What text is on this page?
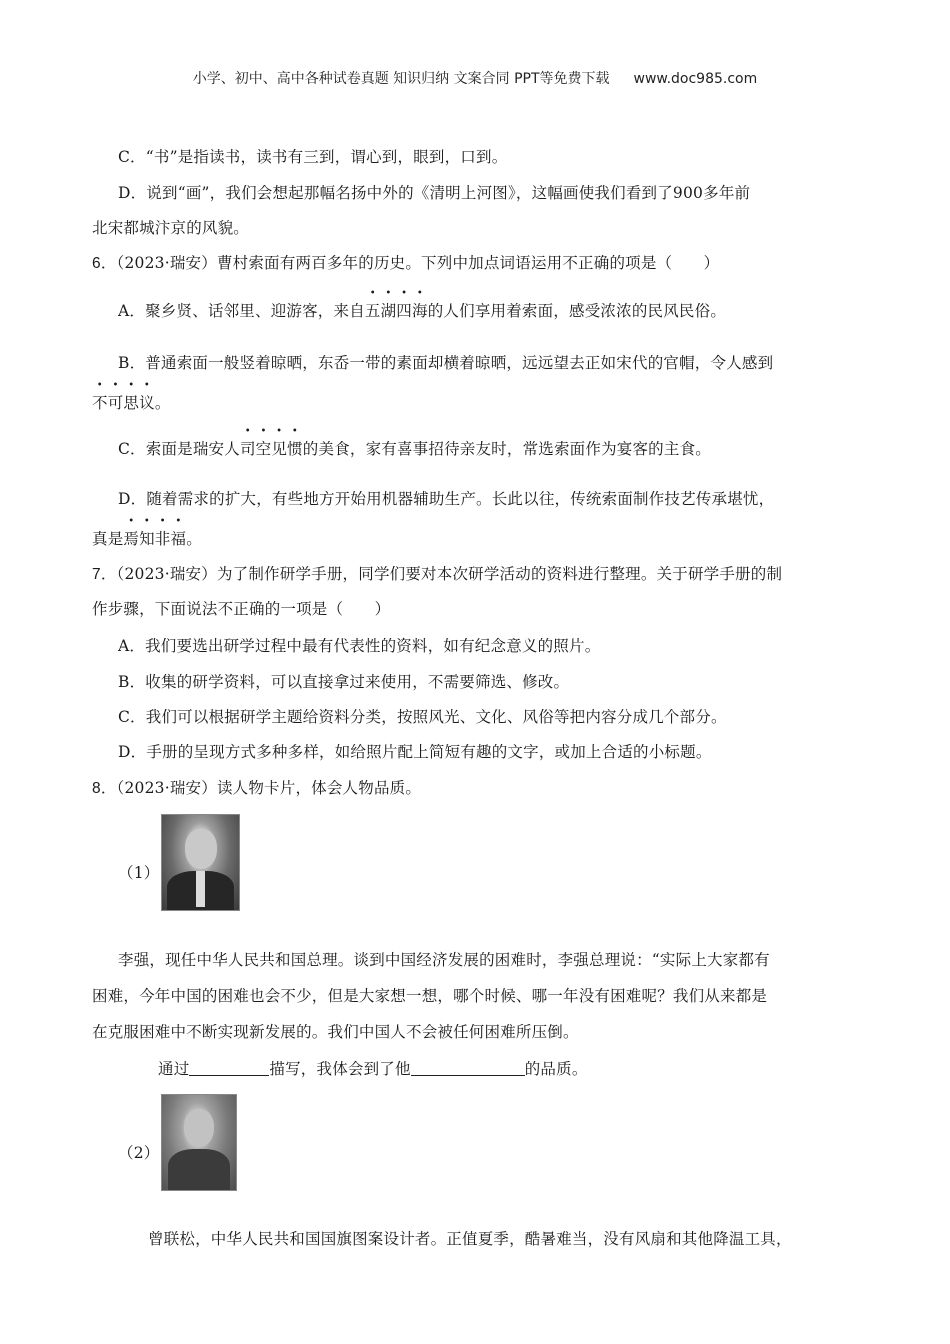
小学、初中、高中各种试卷真题 知识归纳 文案合同 PPT等免费下载 www.doc985.com
C．“书”是指读书，读书有三到，谓心到，眼到，口到。
D．说到“画”，我们会想起那幅名扬中外的《清明上河图》，这幅画使我们看到了900多年前
北宋都城汴京的风貌。
6．（2023·瑞安）曹村索面有两百多年的历史。下列中加点词语运用不正确的项是（　　）
A．聚乡贤、话邻里、迎游客，来自
• • • •
五湖四海的人们享用着索面，感受浓浓的民风民俗。
B．普通索面一般竖着晾晒，东岙一带的素面却横着晾晒，远远望去正如宋代的官帽，令人感到
• • • •
不可思议。
C．索面是瑞安人
• • • •
司空见惯的美食，家有喜事招待亲友时，常选索面作为宴客的主食。
D．随着需求的扩大，有些地方开始用机器辅助生产。长此以往，传统索面制作技艺传承堪忧，
真是
• • • •
焉知非福。
7．（2023·瑞安）为了制作研学手册，同学们要对本次研学活动的资料进行整理。关于研学手册的制
作步骤，下面说法不正确的一项是（　　）
A．我们要选出研学过程中最有代表性的资料，如有纪念意义的照片。
B．收集的研学资料，可以直接拿过来使用，不需要筛选、修改。
C．我们可以根据研学主题给资料分类，按照风光、文化、风俗等把内容分成几个部分。
D．手册的呈现方式多种多样，如给照片配上简短有趣的文字，或加上合适的小标题。
8．（2023·瑞安）读人物卡片，体会人物品质。
（1）
李强，现任中华人民共和国总理。谈到中国经济发展的困难时，李强总理说：“实际上大家都有
困难，今年中国的困难也会不少，但是大家想一想，哪个时候、哪一年没有困难呢？我们从来都是
在克服困难中不断实现新发展的。我们中国人不会被任何困难所压倒。
通过	描写，我体会到了他	的品质。
（2）
曾联松，中华人民共和国国旗图案设计者。正值夏季，酷暑难当，没有风扇和其他降温工具，
